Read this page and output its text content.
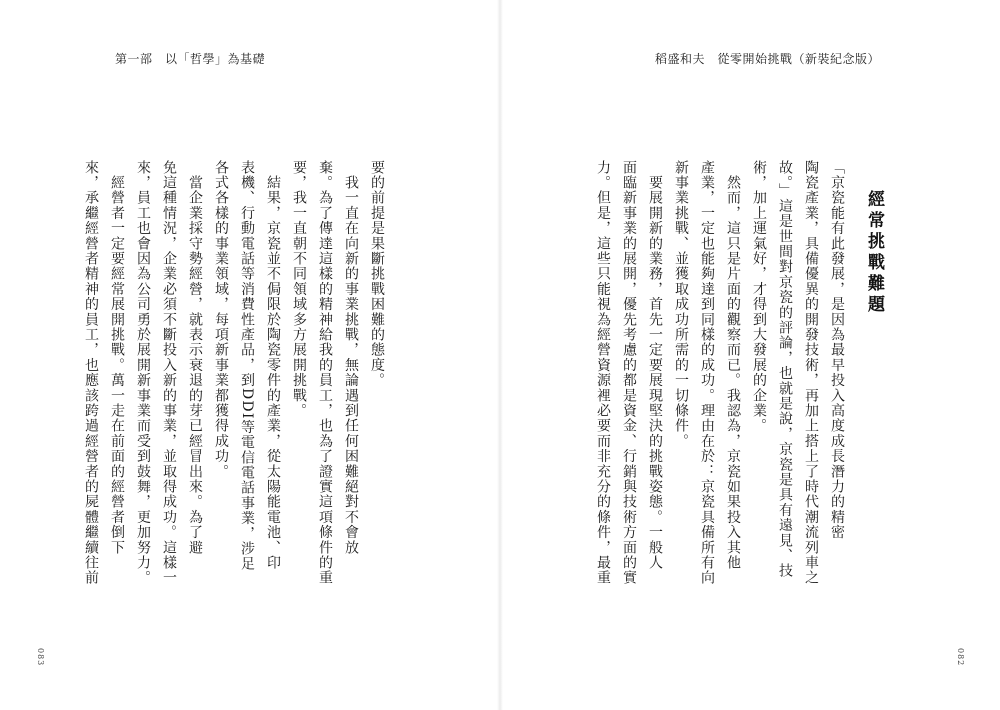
第一部　以「哲學」為基礎
要的前提是果斷挑戰困難的態度。
　我一直在向新的事業挑戰，無論遇到任何困難絕對不會放
棄。為了傳達這樣的精神給我的員工，也為了證實這項條件的重
要，我一直朝不同領域多方展開挑戰。
　結果，京瓷並不侷限於陶瓷零件的產業，從太陽能電池、印
表機、行動電話等消費性產品，到DDI等電信電話事業，涉足
各式各樣的事業領域，每項新事業都獲得成功。
　當企業採守勢經營，就表示衰退的芽已經冒出來。為了避
免這種情況，企業必須不斷投入新的事業，並取得成功。這樣一
來，員工也會因為公司勇於展開新事業而受到鼓舞，更加努力。
　經營者一定要經常展開挑戰。萬一走在前面的經營者倒下
來，承繼經營者精神的員工，也應該跨過經營者的屍體繼續往前
083
稻盛和夫　從零開始挑戰（新裝紀念版）
「京瓷能有此發展，是因為最早投入高度成長潛力的精密
陶瓷產業，具備優異的開發技術，再加上搭上了時代潮流列車之
故。」這是世間對京瓷的評論，也就是說，京瓷是具有遠見、技
術，加上運氣好，才得到大發展的企業。
　然而，這只是片面的觀察而已。我認為，京瓷如果投入其他
產業，一定也能夠達到同樣的成功。理由在於：京瓷具備所有向
新事業挑戰、並獲取成功所需的一切條件。
　要展開新的業務，首先一定要展現堅決的挑戰姿態。一般人
面臨新事業的展開，優先考慮的都是資金、行銷與技術方面的實
力。但是，這些只能視為經營資源裡必要而非充分的條件，最重
082
經常挑戰難題
